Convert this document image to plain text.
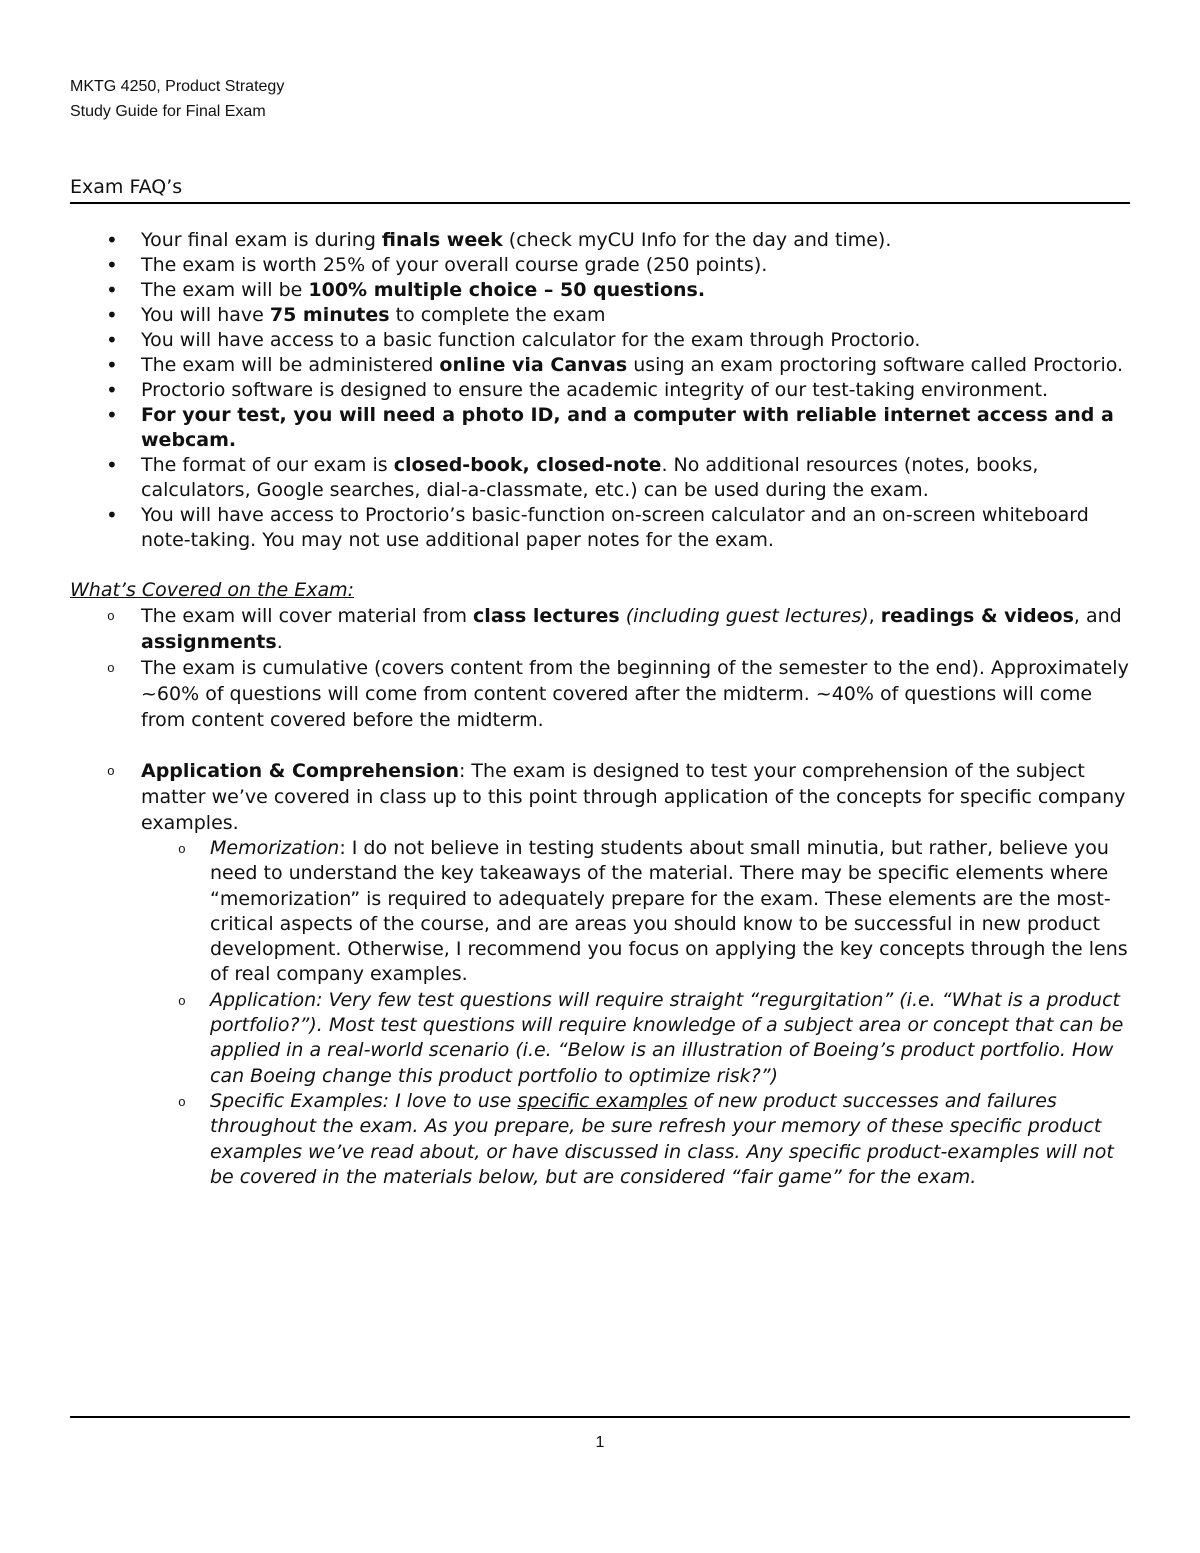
MKTG 4250, Product Strategy
Study Guide for Final Exam
Exam FAQ’s
• Your final exam is during finals week (check myCU Info for the day and time).
• The exam is worth 25% of your overall course grade (250 points).
• The exam will be 100% multiple choice – 50 questions.
• You will have 75 minutes to complete the exam
• You will have access to a basic function calculator for the exam through Proctorio.
• The exam will be administered online via Canvas using an exam proctoring software called Proctorio.
• Proctorio software is designed to ensure the academic integrity of our test-taking environment.
• For your test, you will need a photo ID, and a computer with reliable internet access and a webcam.
• The format of our exam is closed-book, closed-note. No additional resources (notes, books, calculators, Google searches, dial-a-classmate, etc.) can be used during the exam.
• You will have access to Proctorio’s basic-function on-screen calculator and an on-screen whiteboard note-taking. You may not use additional paper notes for the exam.
What’s Covered on the Exam:
o The exam will cover material from class lectures (including guest lectures), readings & videos, and assignments.
o The exam is cumulative (covers content from the beginning of the semester to the end). Approximately ~60% of questions will come from content covered after the midterm. ~40% of questions will come from content covered before the midterm.
o Application & Comprehension: The exam is designed to test your comprehension of the subject matter we’ve covered in class up to this point through application of the concepts for specific company examples.
o Memorization: I do not believe in testing students about small minutia, but rather, believe you need to understand the key takeaways of the material. There may be specific elements where “memorization” is required to adequately prepare for the exam. These elements are the most-critical aspects of the course, and are areas you should know to be successful in new product development. Otherwise, I recommend you focus on applying the key concepts through the lens of real company examples.
o Application: Very few test questions will require straight “regurgitation” (i.e. “What is a product portfolio?”). Most test questions will require knowledge of a subject area or concept that can be applied in a real-world scenario (i.e. “Below is an illustration of Boeing’s product portfolio. How can Boeing change this product portfolio to optimize risk?”)
o Specific Examples: I love to use specific examples of new product successes and failures throughout the exam. As you prepare, be sure refresh your memory of these specific product examples we’ve read about, or have discussed in class. Any specific product-examples will not be covered in the materials below, but are considered “fair game” for the exam.
1
